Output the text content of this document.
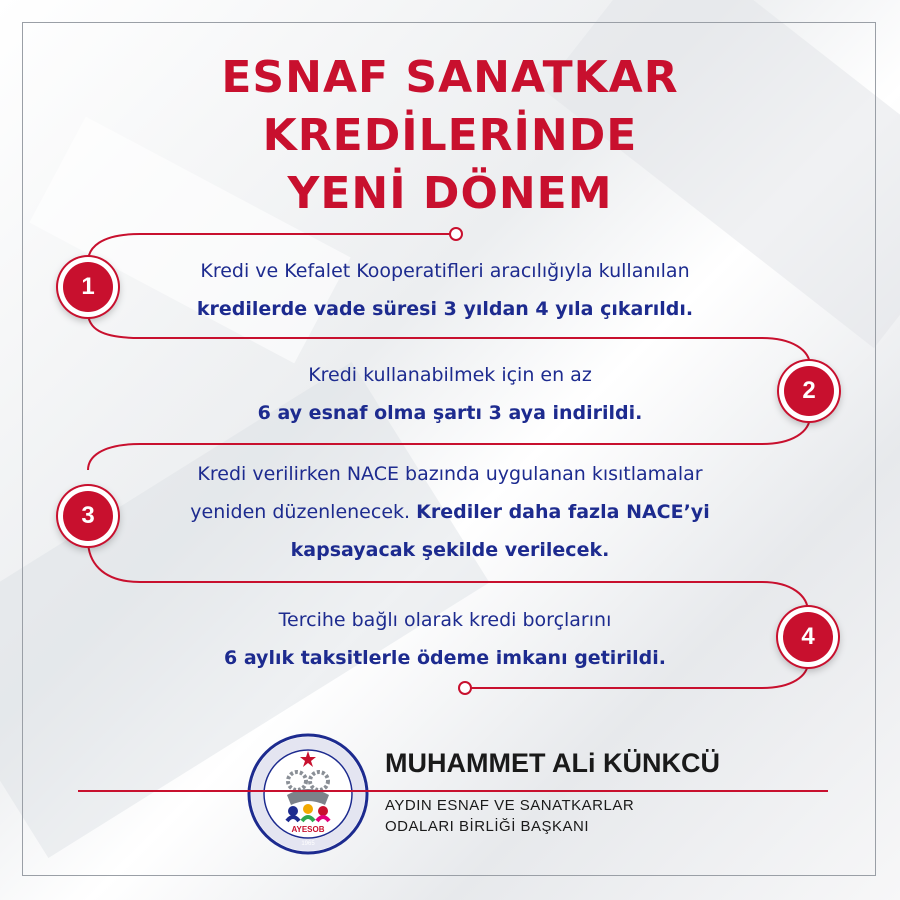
ESNAF SANATKAR
KREDİLERİNDE
YENİ DÖNEM
1
2
3
4
Kredi ve Kefalet Kooperatifleri aracılığıyla kullanılan
kredilerde vade süresi 3 yıldan 4 yıla çıkarıldı.
Kredi kullanabilmek için en az
6 ay esnaf olma şartı 3 aya indirildi.
Kredi verilirken NACE bazında uygulanan kısıtlamalar
yeniden düzenlenecek. Krediler daha fazla NACE’yi
kapsayacak şekilde verilecek.
Tercihe bağlı olarak kredi borçlarını
6 aylık taksitlerle ödeme imkanı getirildi.
AYESOB
1965
MUHAMMET ALi KÜNKCÜ
AYDIN ESNAF VE SANATKARLAR
ODALARI BİRLİĞİ BAŞKANI
